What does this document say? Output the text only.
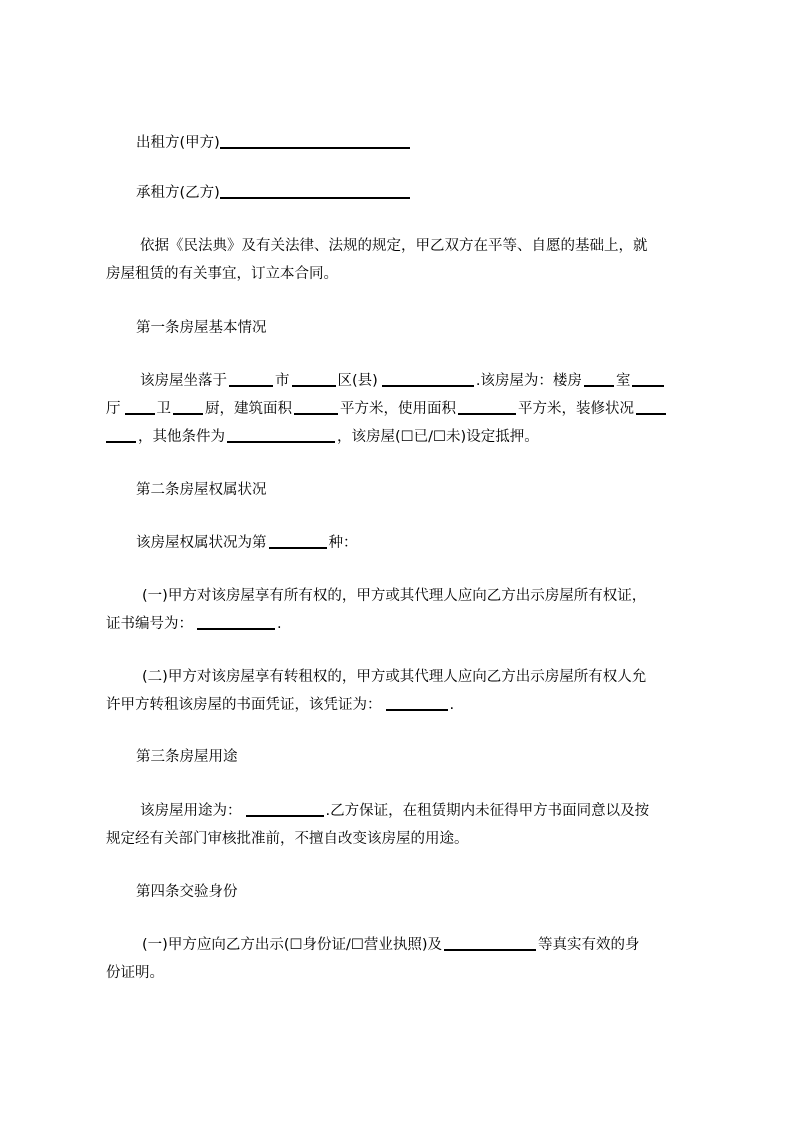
出租方(甲方)
承租方(乙方)
依据《民法典》及有关法律、法规的规定，甲乙双方在平等、自愿的基础上，就
房屋租赁的有关事宜，订立本合同。
第一条房屋基本情况
该房屋坐落于	市	区(县)	.该房屋为：楼房 室
厅 卫 厨，建筑面积	平方米，使用面积	平方米，装修状况
，其他条件为	，该房屋(☐已/☐未)设定抵押。
第二条房屋权属状况
该房屋权属状况为第	种：
(一)甲方对该房屋享有所有权的，甲方或其代理人应向乙方出示房屋所有权证，
证书编号为：	.
(二)甲方对该房屋享有转租权的，甲方或其代理人应向乙方出示房屋所有权人允
许甲方转租该房屋的书面凭证，该凭证为：	.
第三条房屋用途
该房屋用途为：	.乙方保证，在租赁期内未征得甲方书面同意以及按
规定经有关部门审核批准前，不擅自改变该房屋的用途。
第四条交验身份
(一)甲方应向乙方出示(☐身份证/☐营业执照)及	等真实有效的身
份证明。
